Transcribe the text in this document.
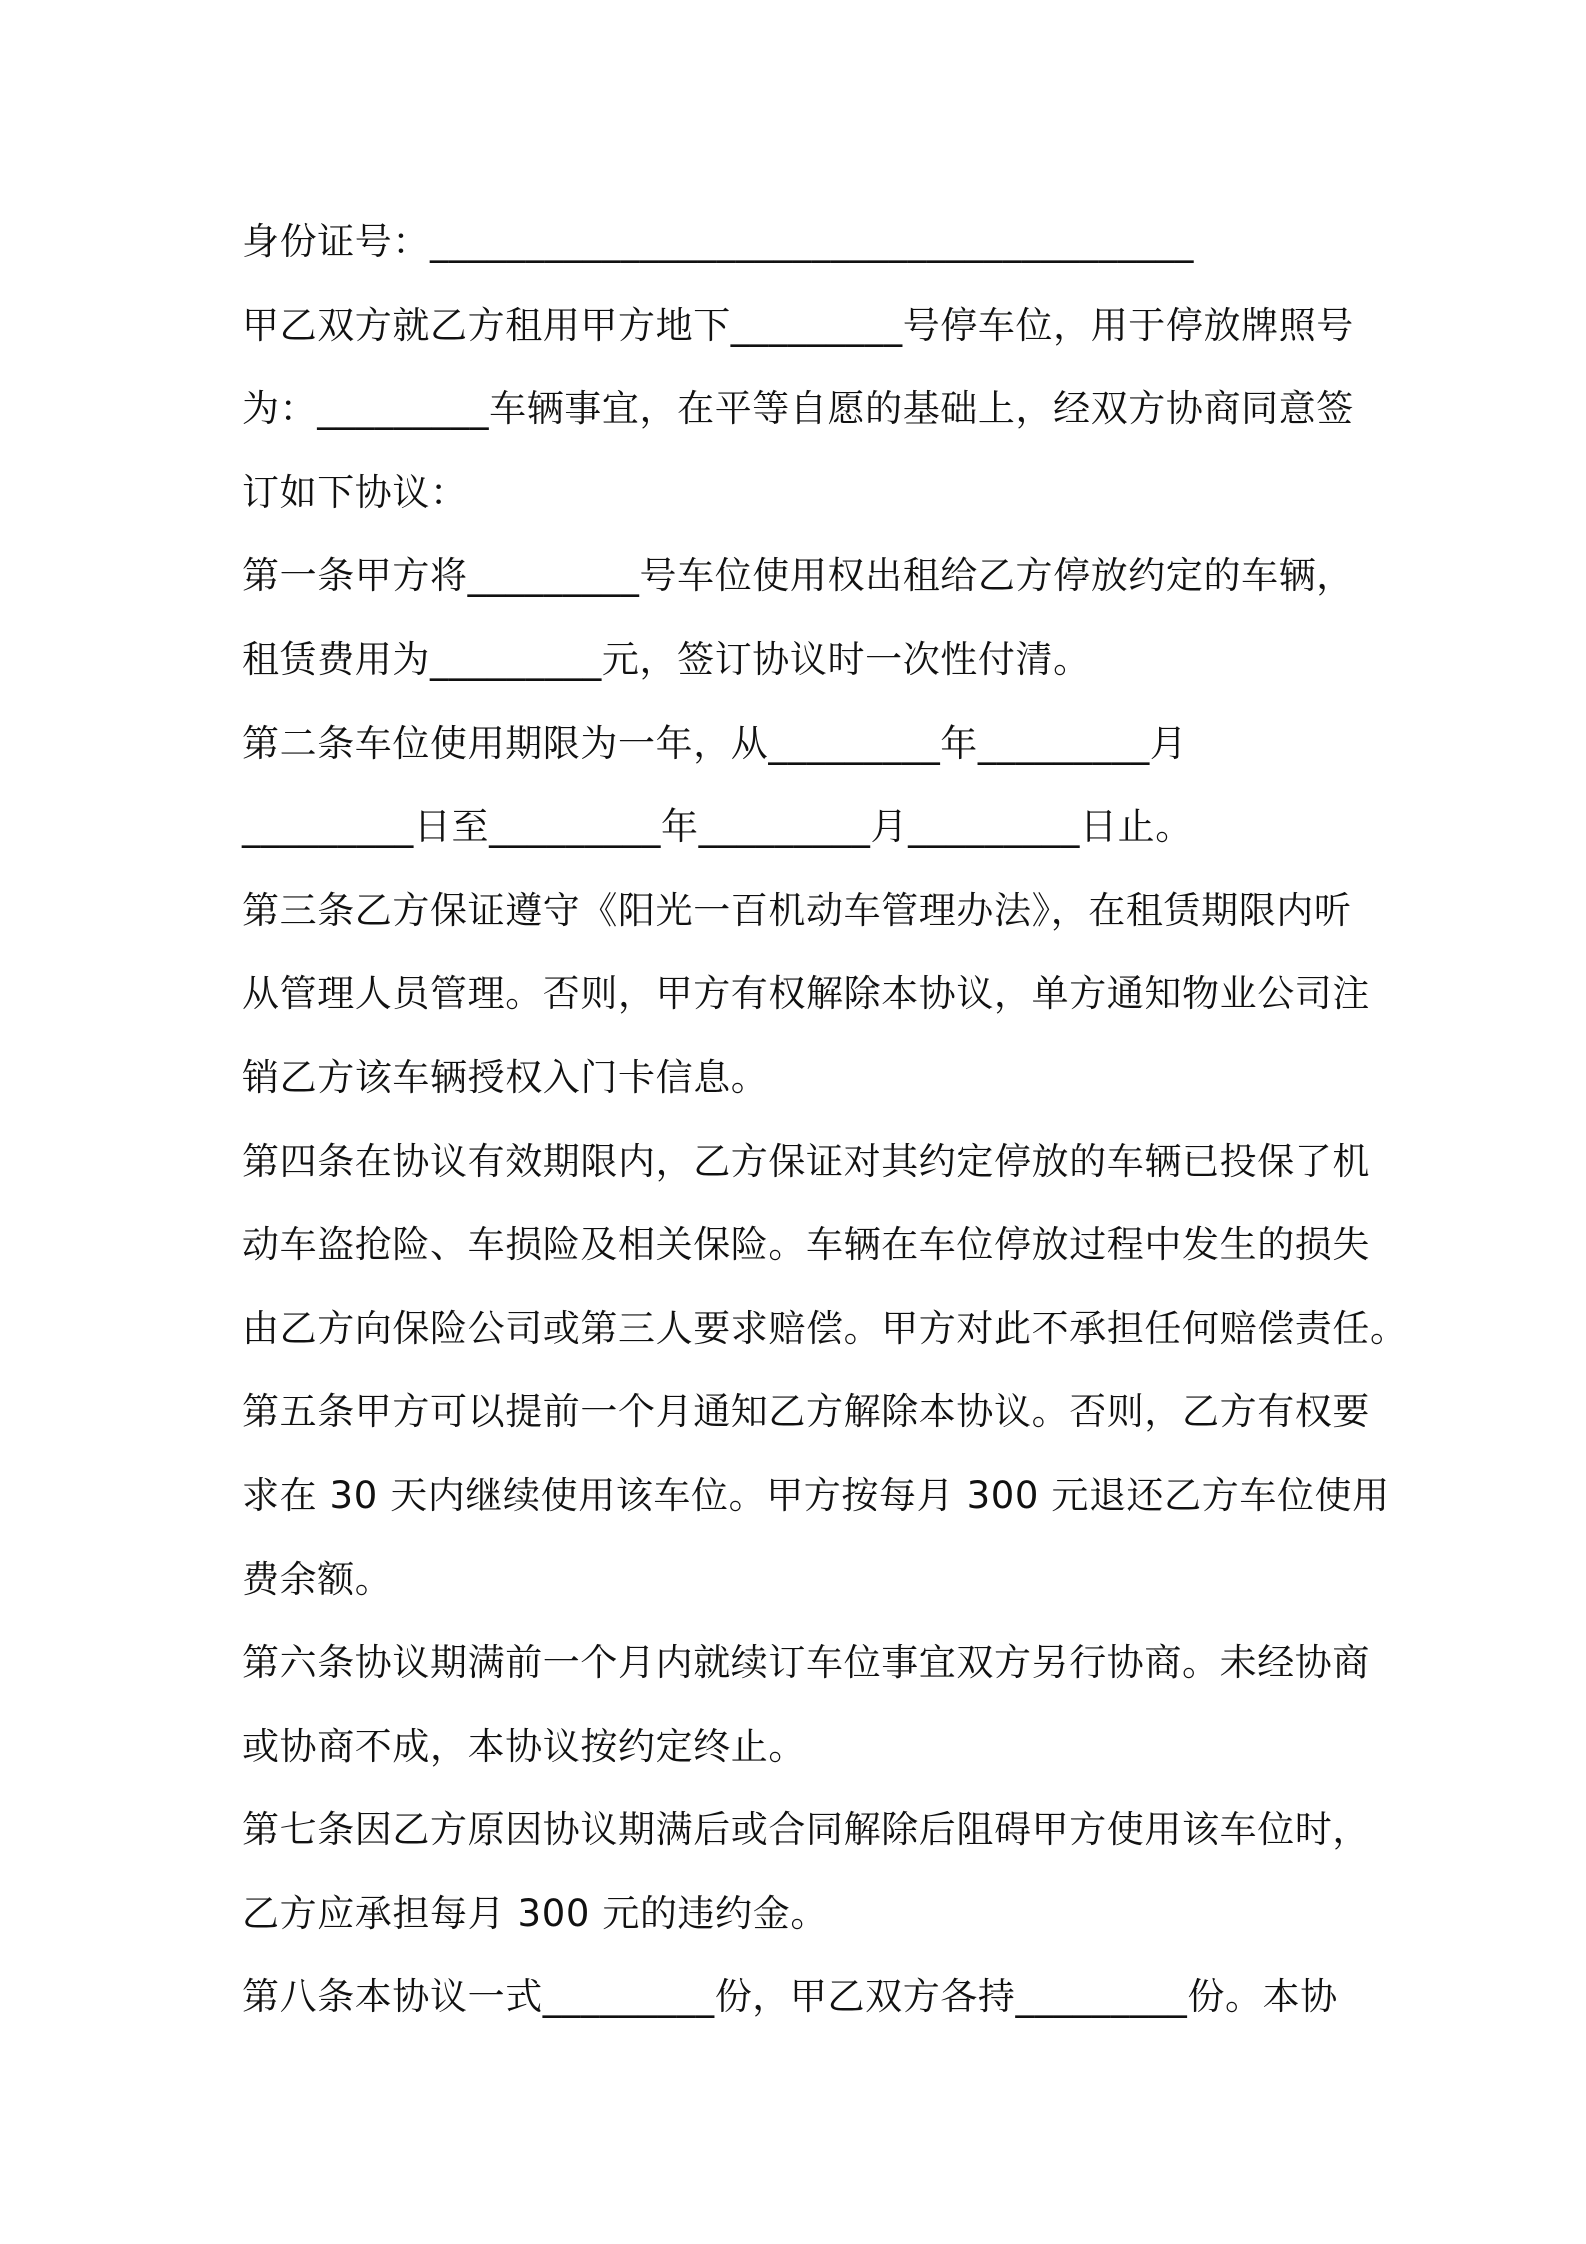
身份证号：________________________________________
甲乙双方就乙方租用甲方地下_________号停车位，用于停放牌照号
为：_________车辆事宜，在平等自愿的基础上，经双方协商同意签
订如下协议：
第一条甲方将_________号车位使用权出租给乙方停放约定的车辆，
租赁费用为_________元，签订协议时一次性付清。
第二条车位使用期限为一年，从_________年_________月
_________日至_________年_________月_________日止。
第三条乙方保证遵守《阳光一百机动车管理办法》，在租赁期限内听
从管理人员管理。否则，甲方有权解除本协议，单方通知物业公司注
销乙方该车辆授权入门卡信息。
第四条在协议有效期限内，乙方保证对其约定停放的车辆已投保了机
动车盗抢险、车损险及相关保险。车辆在车位停放过程中发生的损失
由乙方向保险公司或第三人要求赔偿。甲方对此不承担任何赔偿责任。
第五条甲方可以提前一个月通知乙方解除本协议。否则，乙方有权要
求在 30 天内继续使用该车位。甲方按每月 300 元退还乙方车位使用
费余额。
第六条协议期满前一个月内就续订车位事宜双方另行协商。未经协商
或协商不成，本协议按约定终止。
第七条因乙方原因协议期满后或合同解除后阻碍甲方使用该车位时，
乙方应承担每月 300 元的违约金。
第八条本协议一式_________份，甲乙双方各持_________份。本协
